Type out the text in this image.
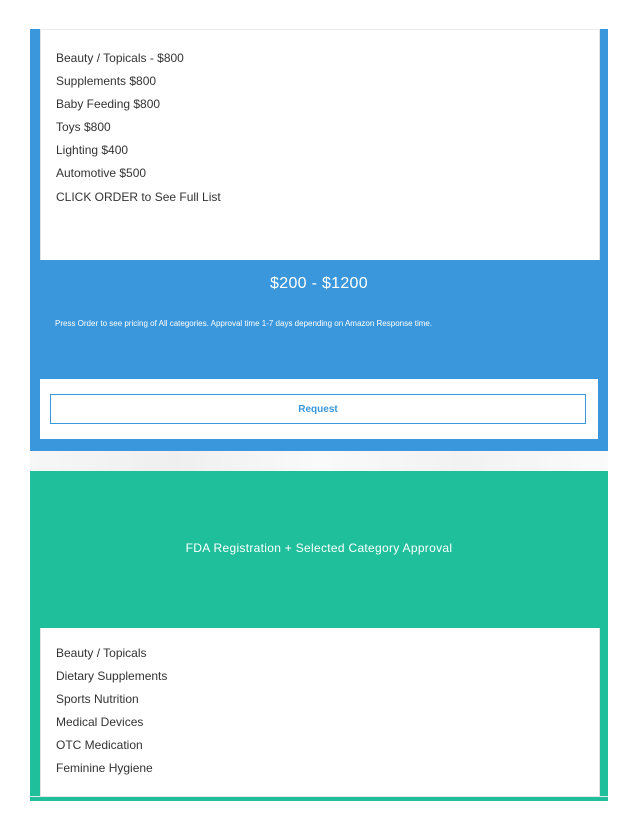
Beauty / Topicals - $800
Supplements $800
Baby Feeding $800
Toys $800
Lighting $400
Automotive $500
CLICK ORDER to See Full List
$200 - $1200
Press Order to see pricing of All categories. Approval time 1-7 days depending on Amazon Response time.
Request
FDA Registration + Selected Category Approval
Beauty / Topicals
Dietary Supplements
Sports Nutrition
Medical Devices
OTC Medication
Feminine Hygiene
